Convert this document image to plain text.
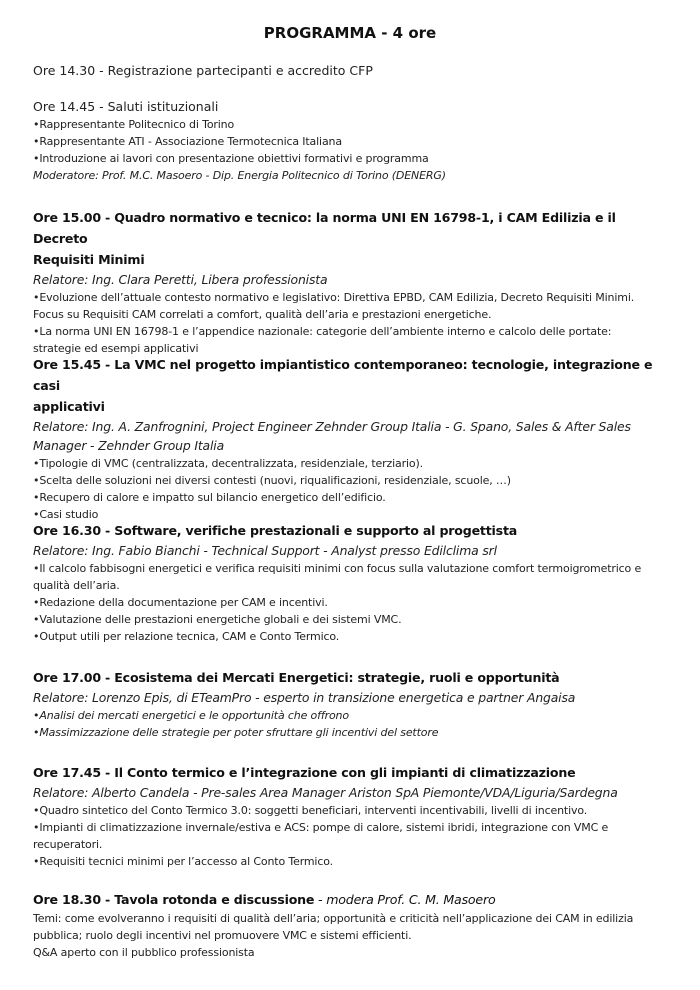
PROGRAMMA - 4 ore
Ore 14.30 - Registrazione partecipanti e accredito CFP
Ore 14.45 - Saluti istituzionali
•Rappresentante Politecnico di Torino
•Rappresentante ATI - Associazione Termotecnica Italiana
•Introduzione ai lavori con presentazione obiettivi formativi e programma
Moderatore: Prof. M.C. Masoero - Dip. Energia Politecnico di Torino (DENERG)
Ore 15.00 - Quadro normativo e tecnico: la norma UNI EN 16798-1, i CAM Edilizia e il Decreto
Requisiti Minimi
Relatore: Ing. Clara Peretti, Libera professionista
•Evoluzione dell’attuale contesto normativo e legislativo: Direttiva EPBD, CAM Edilizia, Decreto Requisiti Minimi.
Focus su Requisiti CAM correlati a comfort, qualità dell’aria e prestazioni energetiche.
•La norma UNI EN 16798-1 e l’appendice nazionale: categorie dell’ambiente interno e calcolo delle portate:
strategie ed esempi applicativi
Ore 15.45 - La VMC nel progetto impiantistico contemporaneo: tecnologie, integrazione e casi
applicativi
Relatore: Ing. A. Zanfrognini, Project Engineer Zehnder Group Italia - G. Spano, Sales & After Sales
Manager - Zehnder Group Italia
•Tipologie di VMC (centralizzata, decentralizzata, residenziale, terziario).
•Scelta delle soluzioni nei diversi contesti (nuovi, riqualificazioni, residenziale, scuole, …)
•Recupero di calore e impatto sul bilancio energetico dell’edificio.
•Casi studio
Ore 16.30 - Software, verifiche prestazionali e supporto al progettista
Relatore: Ing. Fabio Bianchi - Technical Support - Analyst presso Edilclima srl
•Il calcolo fabbisogni energetici e verifica requisiti minimi con focus sulla valutazione comfort termoigrometrico e
qualità dell’aria.
•Redazione della documentazione per CAM e incentivi.
•Valutazione delle prestazioni energetiche globali e dei sistemi VMC.
•Output utili per relazione tecnica, CAM e Conto Termico.
Ore 17.00 - Ecosistema dei Mercati Energetici: strategie, ruoli e opportunità
Relatore: Lorenzo Epis, di ETeamPro - esperto in transizione energetica e partner Angaisa
•Analisi dei mercati energetici e le opportunità che offrono
•Massimizzazione delle strategie per poter sfruttare gli incentivi del settore
Ore 17.45 - Il Conto termico e l’integrazione con gli impianti di climatizzazione
Relatore: Alberto Candela - Pre-sales Area Manager Ariston SpA Piemonte/VDA/Liguria/Sardegna
•Quadro sintetico del Conto Termico 3.0: soggetti beneficiari, interventi incentivabili, livelli di incentivo.
•Impianti di climatizzazione invernale/estiva e ACS: pompe di calore, sistemi ibridi, integrazione con VMC e
recuperatori.
•Requisiti tecnici minimi per l’accesso al Conto Termico.
Ore 18.30 - Tavola rotonda e discussione - modera Prof. C. M. Masoero
Temi: come evolveranno i requisiti di qualità dell’aria; opportunità e criticità nell’applicazione dei CAM in edilizia
pubblica; ruolo degli incentivi nel promuovere VMC e sistemi efficienti.
Q&A aperto con il pubblico professionista
